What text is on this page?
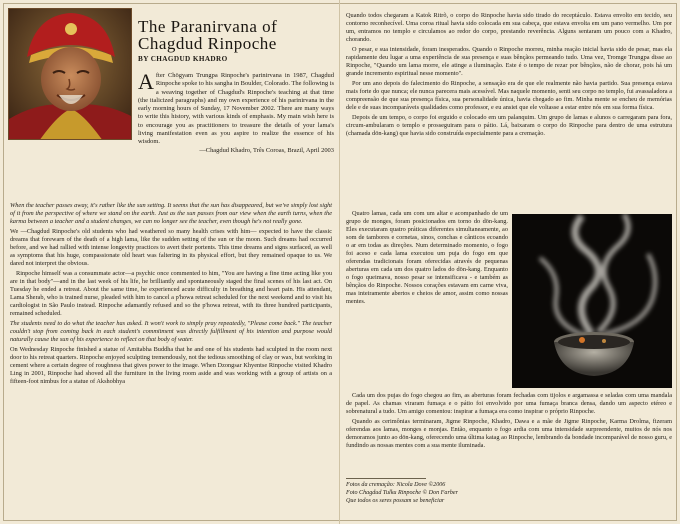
The Paranirvana of
Chagdud Rinpoche
BY CHAGDUD KHADRO
After Chögyam Trungpa Rinpoche's parinirvana in 1987, Chagdud Rinpoche spoke to his sangha in Boulder, Colorado. The following is a weaving together of Chagdud's Rinpoche's teaching at that time (the italicized paragraphs) and my own experience of his parinirvana in the early morning hours of Sunday, 17 November 2002. There are many ways to write this history, with various kinds of emphasis. My main wish here is to encourage you as practitioners to treasure the details of your lama's living manifestation even as you aspire to realize the essence of his wisdom.
—Chagdud Khadro, Três Coroas, Brazil, April 2003

When the teacher passes away, it's rather like the sun setting. It seems that the sun has disappeared, but we've simply lost sight of it from the perspective of where we stand on the earth. Just as the sun passes from our view when the earth turns, when the karma between a teacher and a student changes, we can no longer see the teacher, even though he's not really gone.

We —Chagdud Rinpoche's old students who had weathered so many health crises with him— expected to have the classic dreams that forewarn of the death of a high lama, like the sudden setting of the sun or the moon. Such dreams had occurred before, and we had rallied with intense longevity practices to avert their portents. This time dreams and signs surfaced, as well as symptoms that his huge, compassionate old heart was faltering in its physical effort, but they remained opaque to us. We dared not interpret the obvious.

Rinpoche himself was a consummate actor—a psychic once commented to him, "You are having a fine time acting like you are in that body"—and in the last week of his life, he brilliantly and spontaneously staged the final scenes of his last act. On Tuesday he ended a retreat. About the same time, he experienced acute difficulty in breathing and heart pain. His attendant, Lama Sherab, who is trained nurse, pleaded with him to cancel a p'howa retreat scheduled for the next weekend and to visit his cardiologist in São Paulo instead. Rinpoche adamantly refused and so the p'howa retreat, with its three hundred participants, remained scheduled.

The students need to do what the teacher has asked. It won't work to simply pray repeatedly, "Please come back." The teacher couldn't stop from coming back in each student's commitment was directly fulfillment of his intention and purpose would naturally cause the sun of his experience to reflect on that body of water.

On Wednesday Rinpoche finished a statue of Amitabha Buddha that he and one of his students had sculpted in the room next door to his retreat quarters. Rinpoche enjoyed sculpting tremendously, not the tedious smoothing of clay or wax, but working in cement where a certain degree of roughness that gives power to the image. When Dzongsar Khyentse Rinpoche visited Khadro Ling in 2001, Rinpoche had shoved all the furniture in the living room aside and was working with a group of artists on a fifteen-foot nimbus for a statue of Akshobhya

Quando todos chegaram a Katok Ritrõ, o corpo do Rinpoche havia sido tirado do receptáculo. Estava envolto em tecido, seu contorno reconhecível. Uma coroa ritual havia sido colocada em sua cabeça, que estava envolta em um pano vermelho. Um por um, entramos no templo e circulamos ao redor do corpo, prestando reverência. Alguns sentaram um pouco com a Khadro, chorando.

O pesar, e sua intensidade, foram inesperados. Quando o Rinpoche morreu, minha reação inicial havia sido de pesar, mas ela rapidamente deu lugar a uma experiência de sua presença e suas bênçãos permeando tudo. Uma vez, Tromge Trungpa disse ao Rinpoche, "Quando um lama morre, ele atinge a iluminação. Este é o tempo de rezar por bênçãos, não de chorar, pois há um grande incremento espiritual nesse momento".

Por um ano depois do falecimento do Rinpoche, a sensação era de que ele realmente não havia partido. Sua presença estava mais forte do que nunca; ele nunca parecera mais acessível. Mas naquele momento, senti seu corpo no templo, fui avassaladora a compreensão de que sua presença física, sua personalidade única, havia chegado ao fim. Minha mente se encheu de memórias dele e de suas incomparáveis qualidades como professor, e eu ansiei que ele voltasse a estar entre nós em sua forma física.

Depois de um tempo, o corpo foi erguido e colocado em um palanquim. Um grupo de lamas e alunos o carregaram para fora, circum-ambularam o templo e prosseguiram para o pátio. Lá, baixaram o corpo do Rinpoche para dentro de uma estrutura (chamada dön-kang) que havia sido construída especialmente para a cremação.

Quatro lamas, cada um com um altar e acompanhado de um grupo de monges, foram posicionados em torno do dön-kang. Eles executaram quatro práticas diferentes simultaneamente, ao som de tambores e cornetas, sinos, conchas e cânticos ecoando o ar em todas as direções. Num determinado momento, o fogo foi aceso e cada lama executou um puja do fogo em que oferendas tradicionais foram oferecidas através de pequenas aberturas em cada um dos quatro lados do dön-kang. Enquanto o fogo queimava, nosso pesar se intensificava - e também as bênçãos do Rinpoche. Nossos corações estavam em carne viva, mas inteiramente abertos e cheios de amor, assim como nossas mentes.

Cada um dos pujas do fogo chegou ao fim, as aberturas foram fechadas com tijolos e argamassa e seladas com uma mandala de papel. As chamas viraram fumaça e o pátio foi envolvido por uma fumaça branca densa, dando um aspecto etéreo e sobrenatural a tudo. Um amigo comentou: inspirar a fumaça era como inspirar o próprio Rinpoche.

Quando as cerimônias terminaram, Jigme Rinpoche, Khadro, Dawa e a mãe de Jigme Rinpoche, Karma Drolma, fizeram oferendas aos lamas, monges e monjas. Então, enquanto o fogo ardia com uma intensidade surpreendente, muitos de nós nos demoramos junto ao dön-kang, oferecendo uma última katag ao Rinpoche, lembrando da bondade incomparável de nosso guru, e fundindo as nossas mentes com a sua mente iluminada.

Fotos da cremação: Nicola Dove ©2006
Foto Chagdud Tulku Rinpoche © Don Farber
Que todos os seres possam se beneficiar
